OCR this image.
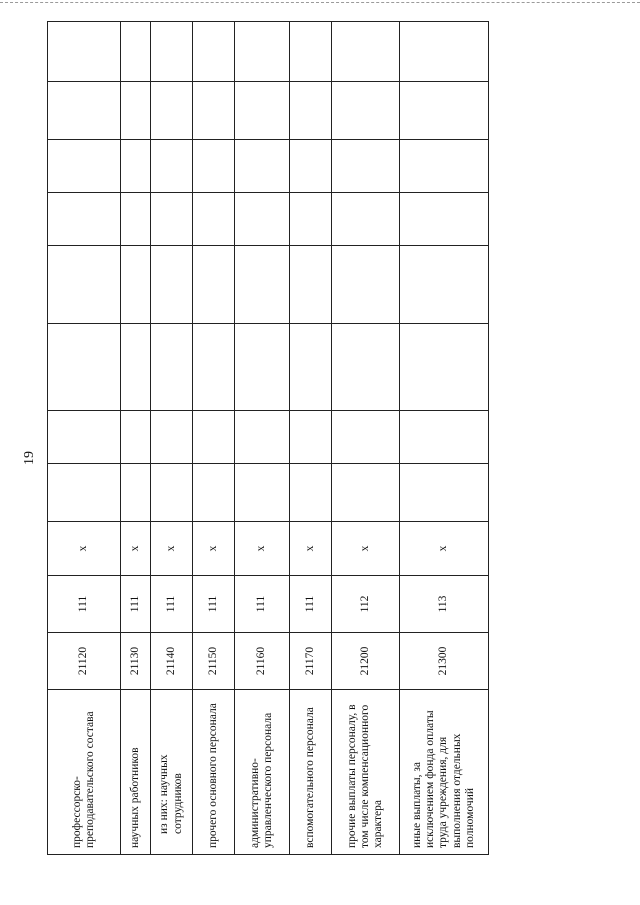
19
профессорско-преподавательского состава	21120	111	x								
научных работников	21130	111	x								
из них: научных сотрудников	21140	111	x								
прочего основного персонала	21150	111	x								
административно-управленческого персонала	21160	111	x								
вспомогательного персонала	21170	111	x								
прочие выплаты персоналу, в том числе компенсационного характера	21200	112	x								
иные выплаты, за исключением фонда оплаты труда учреждения, для выполнения отдельных полномочий	21300	113	x								
